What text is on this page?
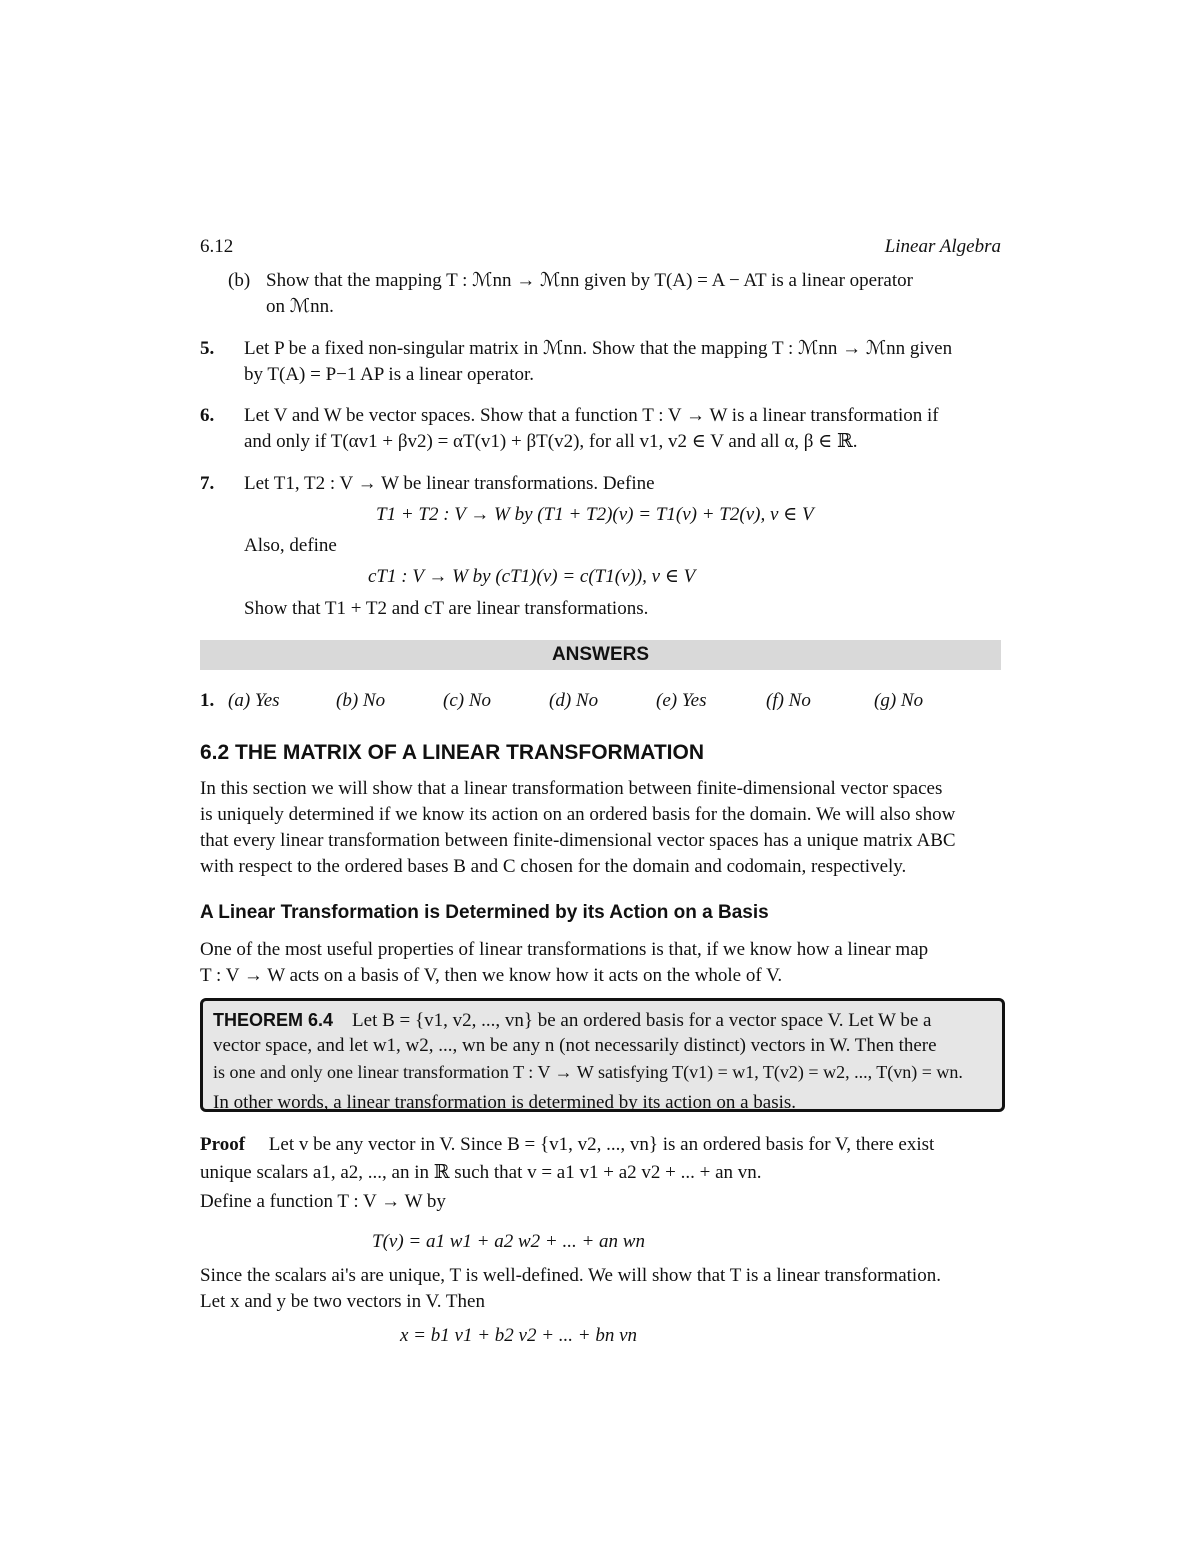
6.12	Linear Algebra
(b) Show that the mapping T : ℳnn → ℳnn given by T(A) = A − AT is a linear operator
on ℳnn.
5. Let P be a fixed non-singular matrix in ℳnn. Show that the mapping T : ℳnn → ℳnn given
by T(A) = P−1 AP is a linear operator.
6. Let V and W be vector spaces. Show that a function T : V → W is a linear transformation if
and only if T(αv1 + βv2) = αT(v1) + βT(v2), for all v1, v2 ∈ V and all α, β ∈ ℝ.
7. Let T1, T2 : V → W be linear transformations. Define
T1 + T2 : V → W by (T1 + T2)(v) = T1(v) + T2(v), v ∈ V
Also, define
cT1 : V → W by (cT1)(v) = c(T1(v)), v ∈ V
Show that T1 + T2 and cT are linear transformations.
ANSWERS
1. (a) Yes	(b) No	(c) No	(d) No	(e) Yes	(f) No	(g) No
6.2 THE MATRIX OF A LINEAR TRANSFORMATION
In this section we will show that a linear transformation between finite-dimensional vector spaces
is uniquely determined if we know its action on an ordered basis for the domain. We will also show
that every linear transformation between finite-dimensional vector spaces has a unique matrix ABC
with respect to the ordered bases B and C chosen for the domain and codomain, respectively.
A Linear Transformation is Determined by its Action on a Basis
One of the most useful properties of linear transformations is that, if we know how a linear map
T : V → W acts on a basis of V, then we know how it acts on the whole of V.
THEOREM 6.4 Let B = {v1, v2, ..., vn} be an ordered basis for a vector space V. Let W be a
vector space, and let w1, w2, ..., wn be any n (not necessarily distinct) vectors in W. Then there
is one and only one linear transformation T : V → W satisfying T(v1) = w1, T(v2) = w2, ..., T(vn) = wn.
In other words, a linear transformation is determined by its action on a basis.
Proof Let v be any vector in V. Since B = {v1, v2, ..., vn} is an ordered basis for V, there exist
unique scalars a1, a2, ..., an in ℝ such that v = a1 v1 + a2 v2 + ... + an vn.
Define a function T : V → W by
T(v) = a1 w1 + a2 w2 + ... + an wn
Since the scalars ai's are unique, T is well-defined. We will show that T is a linear transformation.
Let x and y be two vectors in V. Then
x = b1 v1 + b2 v2 + ... + bn vn
